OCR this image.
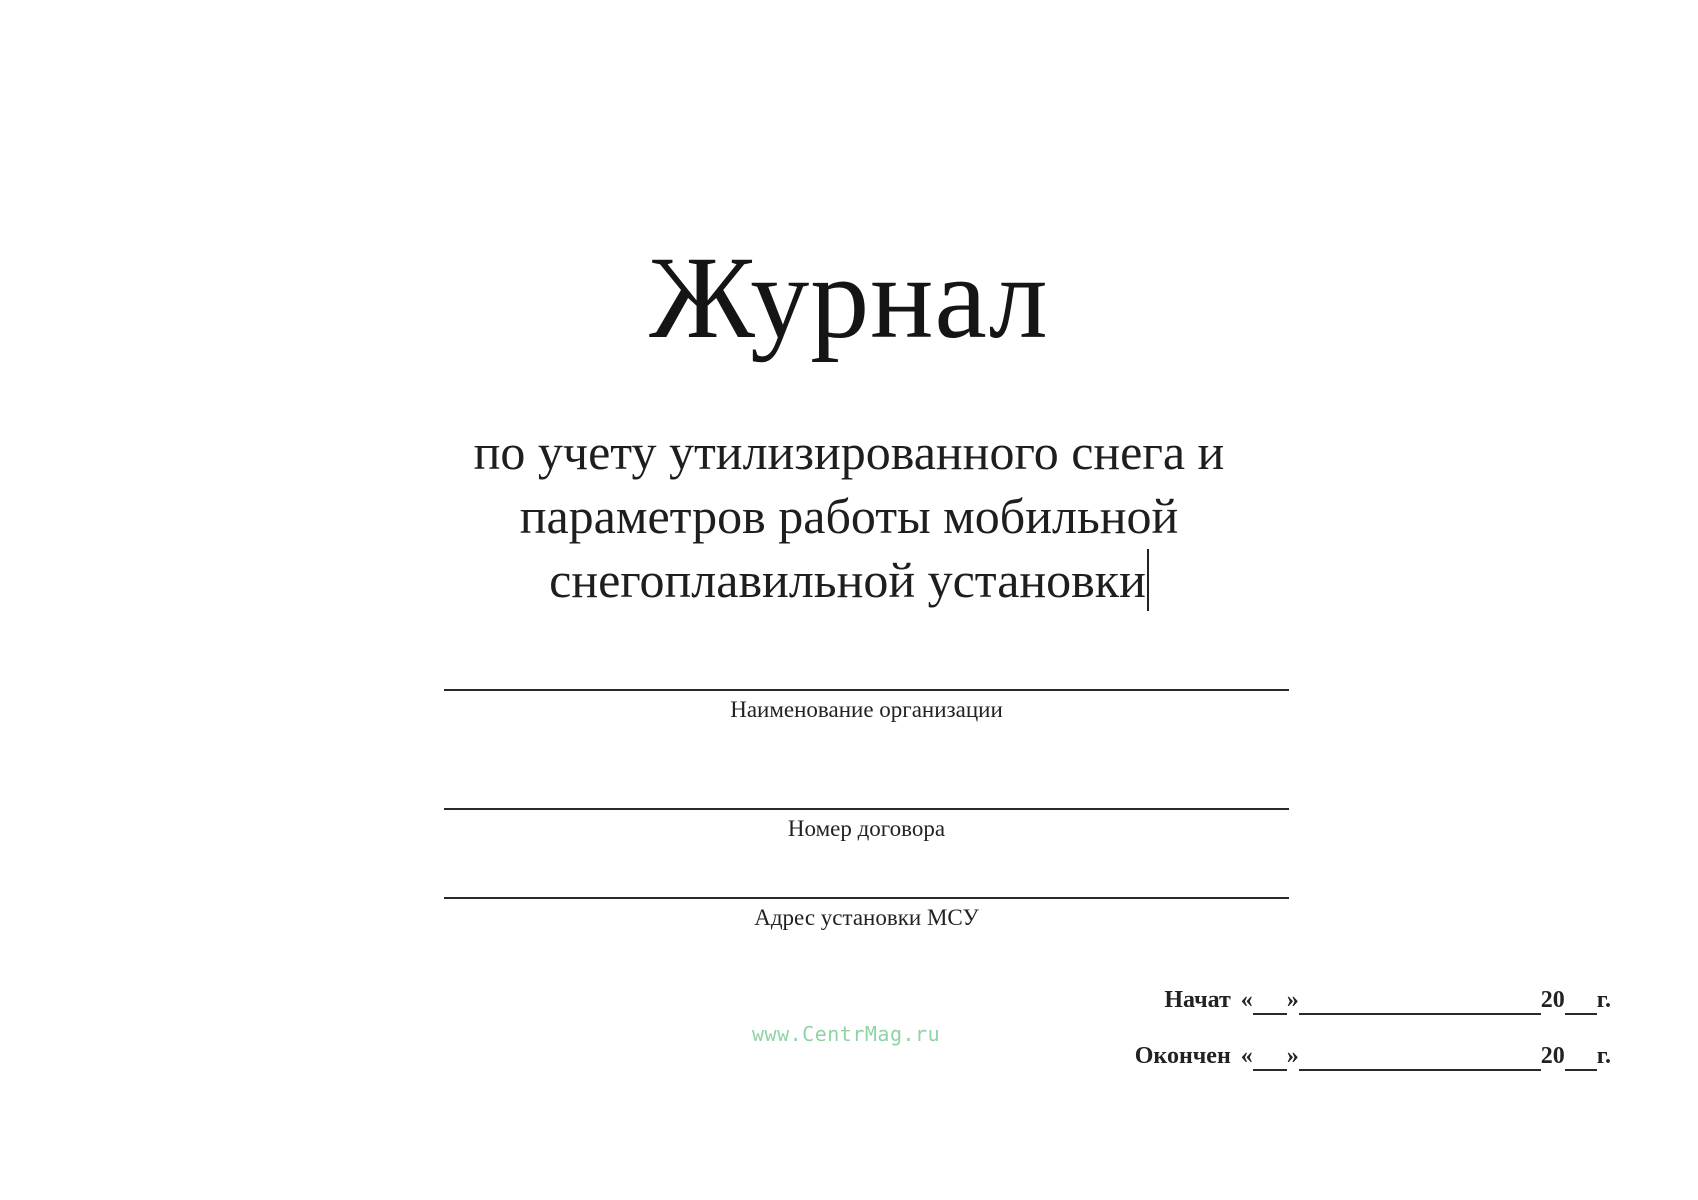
Журнал
по учету утилизированного снега и
параметров работы мобильной
снегоплавильной установки
Наименование организации
Номер договора
Адрес установки МСУ
Начат « »	20 г.
Окончен « »	20 г.
www.CentrMag.ru
